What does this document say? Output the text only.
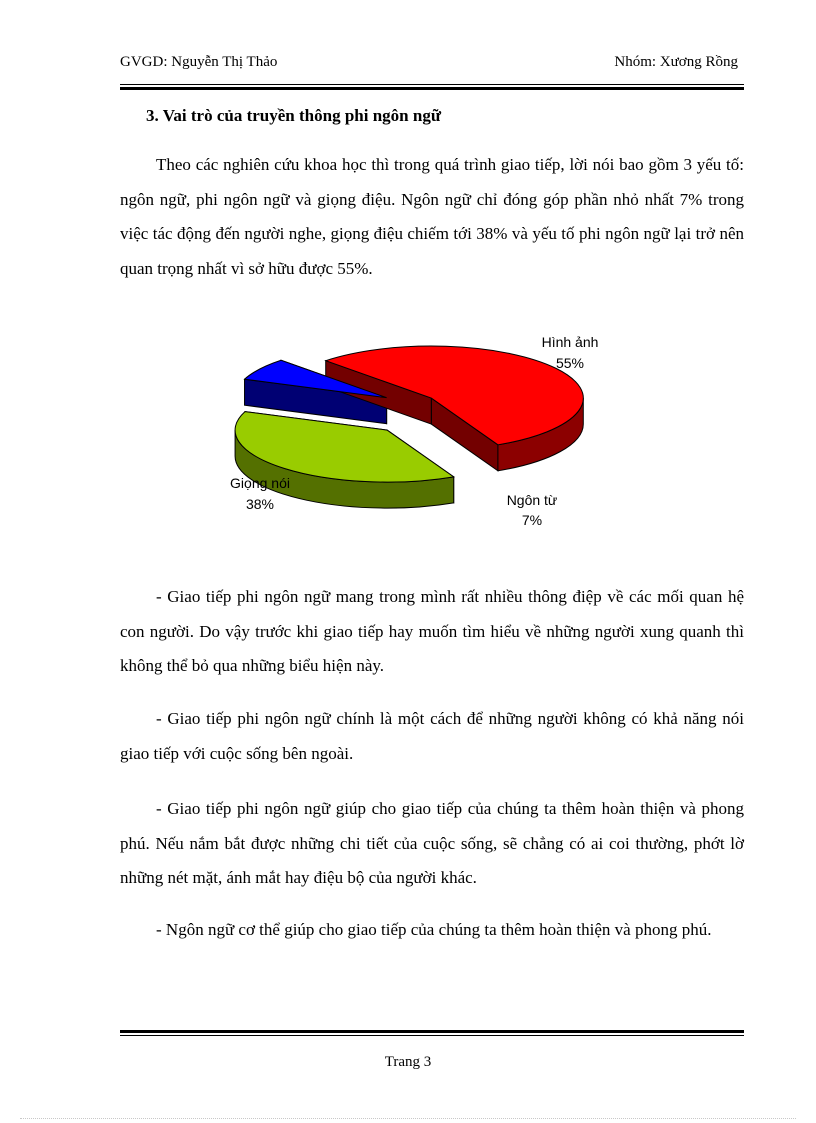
GVGD: Nguyễn Thị Thảo	Nhóm: Xương Rồng
3. Vai trò của truyền thông phi ngôn ngữ

Theo các nghiên cứu khoa học thì trong quá trình giao tiếp, lời nói bao gồm 3 yếu tố: ngôn ngữ, phi ngôn ngữ và giọng điệu. Ngôn ngữ chỉ đóng góp phần nhỏ nhất 7% trong việc tác động đến người nghe, giọng điệu chiếm tới 38% và yếu tố phi ngôn ngữ lại trở nên quan trọng nhất vì sở hữu được 55%.

Hình ảnh
55%
Giọng nói
38%	Ngôn từ
7%

- Giao tiếp phi ngôn ngữ mang trong mình rất nhiều thông điệp về các mối quan hệ con người. Do vậy trước khi giao tiếp hay muốn tìm hiểu về những người xung quanh thì không thể bỏ qua những biểu hiện này.

- Giao tiếp phi ngôn ngữ chính là một cách để những người không có khả năng nói giao tiếp với cuộc sống bên ngoài.

- Giao tiếp phi ngôn ngữ giúp cho giao tiếp của chúng ta thêm hoàn thiện và phong phú. Nếu nắm bắt được những chi tiết của cuộc sống, sẽ chẳng có ai coi thường, phớt lờ những nét mặt, ánh mắt hay điệu bộ của người khác.

- Ngôn ngữ cơ thể giúp cho giao tiếp của chúng ta thêm hoàn thiện và phong phú.

Trang 3
